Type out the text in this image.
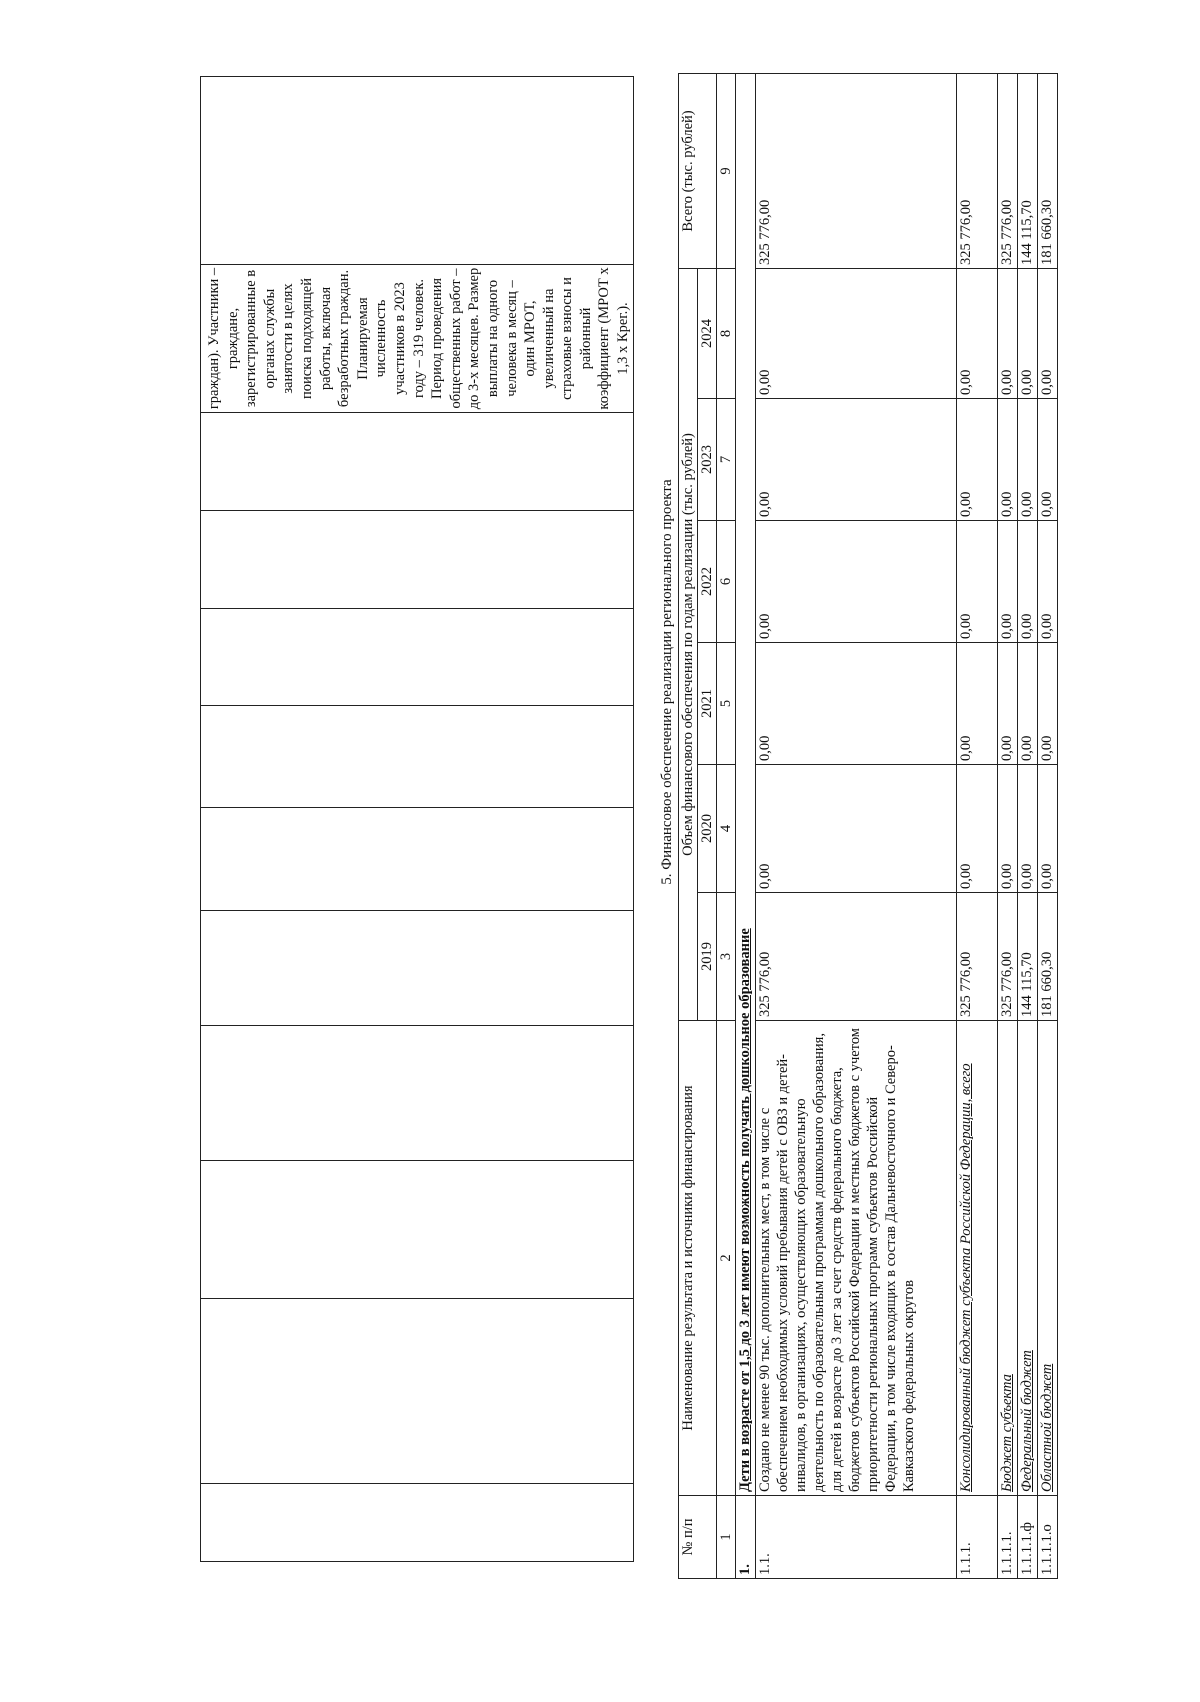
граждан). Участники – граждане, зарегистрированные в органах службы занятости в целях поиска подходящей работы, включая безработных граждан. Планируемая численность участников в 2023 году – 319 человек. Период проведения общественных работ – до 3-х месяцев. Размер выплаты на одного человека в месяц – один МРОТ, увеличенный на страховые взносы и районный коэффициент (МРОТ х 1,3 х Крег.).

5. Финансовое обеспечение реализации регионального проекта
№ п/п	Наименование результата и источники финансирования	Объем финансового обеспечения по годам реализации (тыс. рублей)						Всего (тыс. рублей)
		2019	2020	2021	2022	2023	2024	
1	2	3	4	5	6	7	8	9
1.	Дети в возрасте от 1,5 до 3 лет имеют возможность получать дошкольное образование							
1.1.	Создано не менее 90 тыс. дополнительных мест, в том числе с обеспечением необходимых условий пребывания детей с ОВЗ и детей-инвалидов, в организациях, осуществляющих образовательную деятельность по образовательным программам дошкольного образования, для детей в возрасте до 3 лет за счет средств федерального бюджета, бюджетов субъектов Российской Федерации и местных бюджетов с учетом приоритетности региональных программ субъектов Российской Федерации, в том числе входящих в состав Дальневосточного и Северо-Кавказского федеральных округов	325 776,00	0,00	0,00	0,00	0,00	0,00	325 776,00
1.1.1.	Консолидированный бюджет субъекта Российской Федерации, всего	325 776,00	0,00	0,00	0,00	0,00	0,00	325 776,00
1.1.1.1.	Бюджет субъекта	325 776,00	0,00	0,00	0,00	0,00	0,00	325 776,00
1.1.1.1.ф	Федеральный бюджет	144 115,70	0,00	0,00	0,00	0,00	0,00	144 115,70
1.1.1.1.о	Областной бюджет	181 660,30	0,00	0,00	0,00	0,00	0,00	181 660,30
